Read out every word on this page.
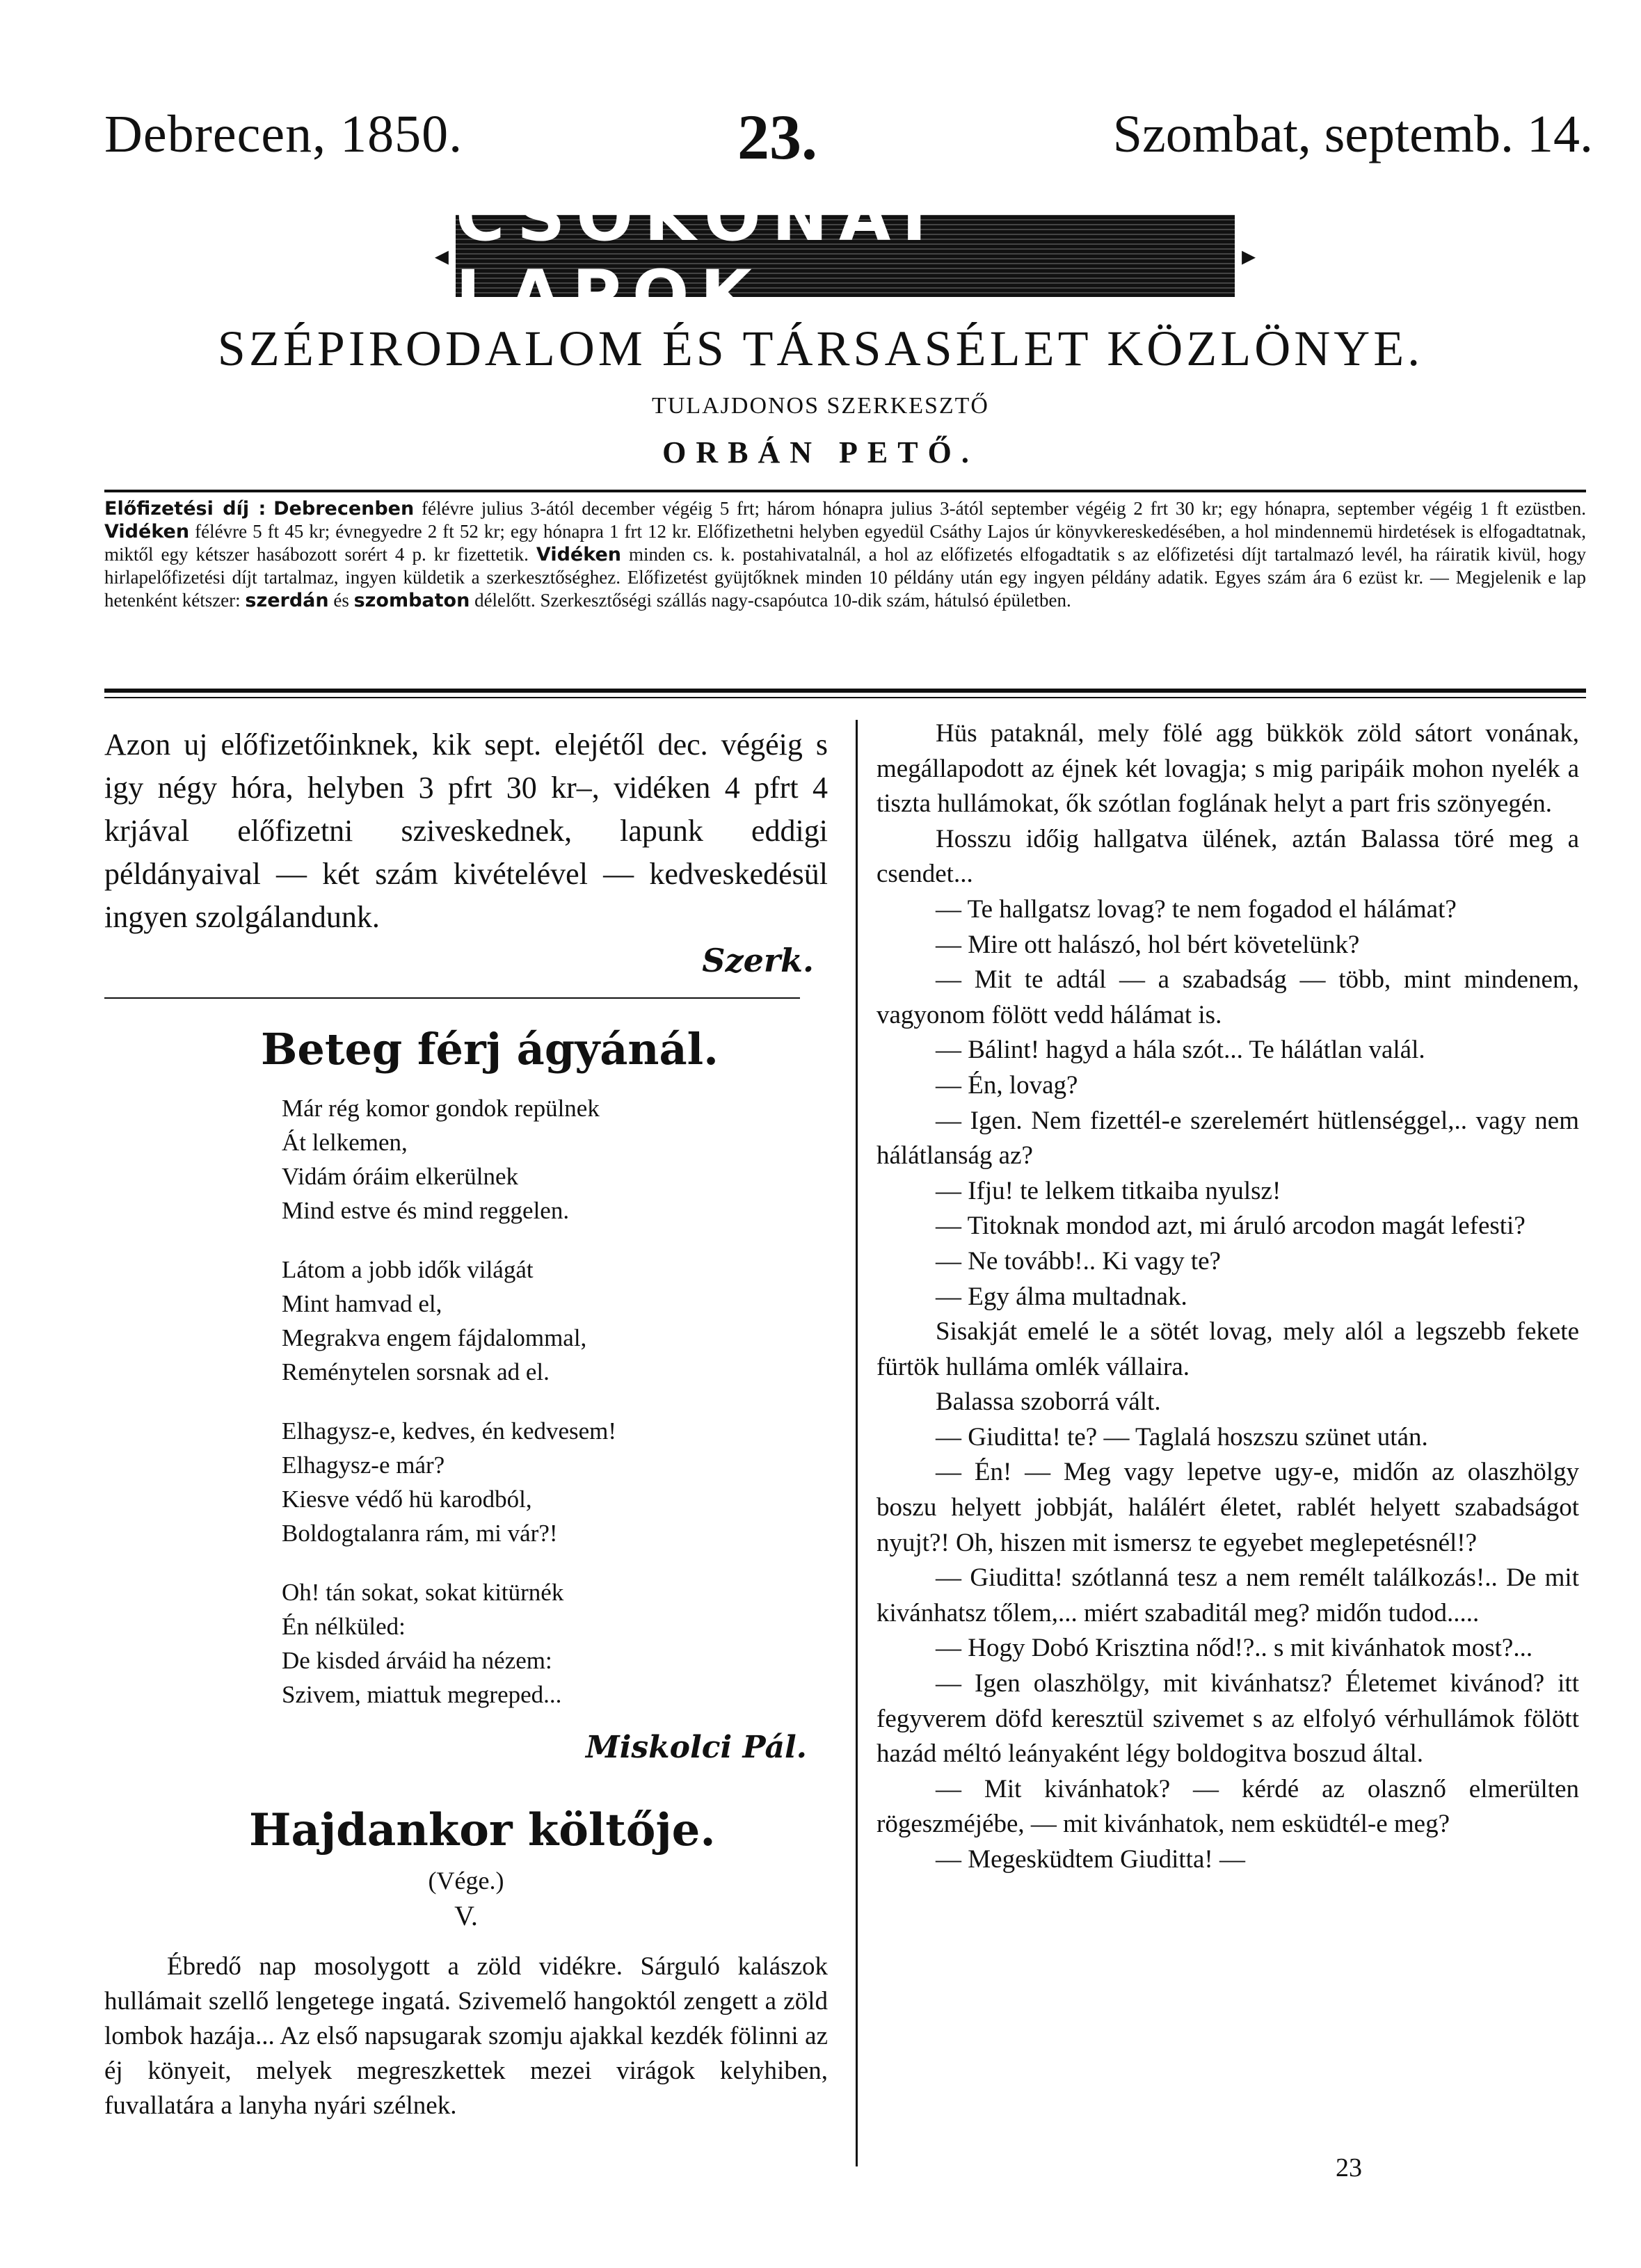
Debrecen, 1850.	23.	Szombat, septemb. 14.
◂ CSOKONAI LAPOK	▸
SZÉPIRODALOM ÉS TÁRSASÉLET KÖZLÖNYE.
TULAJDONOS SZERKESZTŐ
ORBÁN PETŐ.
Előfizetési díj : Debrecenben félévre julius 3-ától december végéig 5 frt; három hónapra julius 3-ától september végéig 2 frt 30 kr; egy hónapra, september végéig 1 ft ezüstben. Vidéken félévre 5 ft 45 kr; évnegyedre 2 ft 52 kr; egy hónapra 1 frt 12 kr. Előfizethetni helyben egyedül Csáthy Lajos úr könyvkereskedésében, a hol mindennemü hirdetések is elfogadtatnak, miktől egy kétszer hasábozott sorért 4 p. kr fizettetik. Vidéken minden cs. k. postahivatalnál, a hol az előfizetés elfogadtatik s az előfizetési díjt tartalmazó levél, ha ráiratik kivül, hogy hirlapelőfizetési díjt tartalmaz, ingyen küldetik a szerkesztőséghez. Előfizetést gyüjtőknek minden 10 példány után egy ingyen példány adatik. Egyes szám ára 6 ezüst kr. — Megjelenik e lap hetenként kétszer: szerdán és szombaton délelőtt. Szerkesztőségi szállás nagy-csapóutca 10-dik szám, hátulsó épületben.
Azon uj előfizetőinknek, kik sept. elejétől dec. végéig s igy négy hóra, helyben 3 pfrt 30 kr–, vidéken 4 pfrt 4 krjával előfizetni sziveskednek, lapunk eddigi példányaival — két szám kivételével — kedveskedésül ingyen szolgálandunk.
Szerk.
Beteg férj ágyánál.
Már rég komor gondok repülnek
Át lelkemen,
Vidám óráim elkerülnek
Mind estve és mind reggelen.
Látom a jobb idők világát
Mint hamvad el,
Megrakva engem fájdalommal,
Reménytelen sorsnak ad el.
Elhagysz-e, kedves, én kedvesem!
Elhagysz-e már?
Kiesve védő hü karodból,
Boldogtalanra rám, mi vár?!
Oh! tán sokat, sokat kitürnék
Én nélküled:
De kisded árváid ha nézem:
Szivem, miattuk megreped...
Miskolci Pál.
Hajdankor költője.
(Vége.)
V.

Ébredő nap mosolygott a zöld vidékre. Sárguló kalászok hullámait szellő lengetege ingatá. Szivemelő hangoktól zengett a zöld lombok hazája... Az első napsugarak szomju ajakkal kezdék fölinni az éj könyeit, melyek megreszkettek mezei virágok kelyhiben, fuvallatára a lanyha nyári szélnek.

Hüs pataknál, mely fölé agg bükkök zöld sátort vonának, megállapodott az éjnek két lovagja; s mig paripáik mohon nyelék a tiszta hullámokat, ők szótlan foglának helyt a part fris szönyegén.

Hosszu időig hallgatva ülének, aztán Balassa töré meg a csendet...

— Te hallgatsz lovag? te nem fogadod el hálámat?

— Mire ott halászó, hol bért követelünk?

— Mit te adtál — a szabadság — több, mint mindenem, vagyonom fölött vedd hálámat is.

— Bálint! hagyd a hála szót... Te hálátlan valál.

— Én, lovag?

— Igen. Nem fizettél-e szerelemért hütlenséggel,.. vagy nem hálátlanság az?

— Ifju! te lelkem titkaiba nyulsz!

— Titoknak mondod azt, mi áruló arcodon magát lefesti?

— Ne tovább!.. Ki vagy te?

— Egy álma multadnak.

Sisakját emelé le a sötét lovag, mely alól a legszebb fekete fürtök hulláma omlék vállaira.

Balassa szoborrá vált.

— Giuditta! te? — Taglalá hoszszu szünet után.

— Én! — Meg vagy lepetve ugy-e, midőn az olaszhölgy boszu helyett jobbját, halálért életet, rablét helyett szabadságot nyujt?! Oh, hiszen mit ismersz te egyebet meglepetésnél!?

— Giuditta! szótlanná tesz a nem remélt találkozás!.. De mit kivánhatsz tőlem,... miért szabaditál meg? midőn tudod.....

— Hogy Dobó Krisztina nőd!?.. s mit kivánhatok most?...

— Igen olaszhölgy, mit kivánhatsz? Életemet kivánod? itt fegyverem döfd keresztül szivemet s az elfolyó vérhullámok fölött hazád méltó leányaként légy boldogitva boszud által.

— Mit kivánhatok? — kérdé az olasznő elmerülten rögeszméjébe, — mit kivánhatok, nem esküdtél-e meg?

— Megesküdtem Giuditta! —

23
